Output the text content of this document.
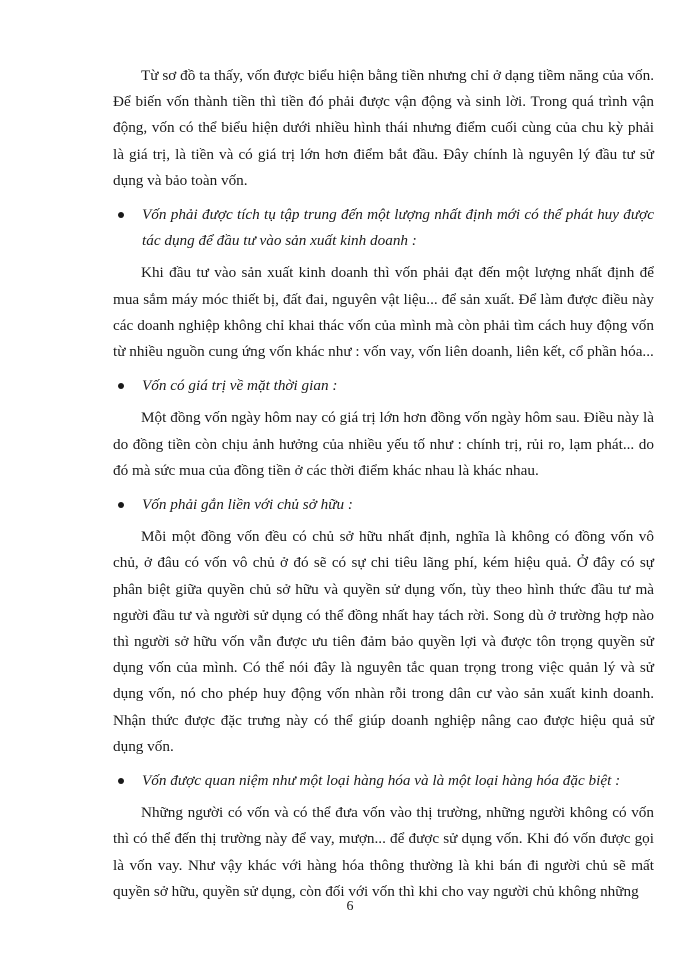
Từ sơ đồ ta thấy, vốn được biểu hiện bằng tiền nhưng chỉ ở dạng tiềm năng của vốn. Để biến vốn thành tiền thì tiền đó phải được vận động và sinh lời. Trong quá trình vận động, vốn có thể biểu hiện dưới nhiều hình thái nhưng điểm cuối cùng của chu kỳ phải là giá trị, là tiền và có giá trị lớn hơn điểm bắt đầu. Đây chính là nguyên lý đầu tư sử dụng và bảo toàn vốn.

Vốn phải được tích tụ tập trung đến một lượng nhất định mới có thể phát huy được tác dụng để đầu tư vào sản xuất kinh doanh :

Khi đầu tư vào sản xuất kinh doanh thì vốn phải đạt đến một lượng nhất định để mua sắm máy móc thiết bị, đất đai, nguyên vật liệu... để sản xuất. Để làm được điều này các doanh nghiệp không chỉ khai thác vốn của mình mà còn phải tìm cách huy động vốn từ nhiều nguồn cung ứng vốn khác như : vốn vay, vốn liên doanh, liên kết, cổ phần hóa...

Vốn có giá trị về mặt thời gian :

Một đồng vốn ngày hôm nay có giá trị lớn hơn đồng vốn ngày hôm sau. Điều này là do đồng tiền còn chịu ảnh hưởng của nhiều yếu tố như : chính trị, rủi ro, lạm phát... do đó mà sức mua của đồng tiền ở các thời điểm khác nhau là khác nhau.

Vốn phải gắn liền với chủ sở hữu :

Mỗi một đồng vốn đều có chủ sở hữu nhất định, nghĩa là không có đồng vốn vô chủ, ở đâu có vốn vô chủ ở đó sẽ có sự chi tiêu lãng phí, kém hiệu quả. Ở đây có sự phân biệt giữa quyền chủ sở hữu và quyền sử dụng vốn, tùy theo hình thức đầu tư mà người đầu tư và người sử dụng có thể đồng nhất hay tách rời. Song dù ở trường hợp nào thì người sở hữu vốn vẫn được ưu tiên đảm bảo quyền lợi và được tôn trọng quyền sử dụng vốn của mình. Có thể nói đây là nguyên tắc quan trọng trong việc quản lý và sử dụng vốn, nó cho phép huy động vốn nhàn rỗi trong dân cư vào sản xuất kinh doanh. Nhận thức được đặc trưng này có thể giúp doanh nghiệp nâng cao được hiệu quả sử dụng vốn.

Vốn được quan niệm như một loại hàng hóa và là một loại hàng hóa đặc biệt :

Những người có vốn và có thể đưa vốn vào thị trường, những người không có vốn thì có thể đến thị trường này để vay, mượn... để được sử dụng vốn. Khi đó vốn được gọi là vốn vay. Như vậy khác với hàng hóa thông thường là khi bán đi người chủ sẽ mất quyền sở hữu, quyền sử dụng, còn đối với vốn thì khi cho vay người chủ không những

6
